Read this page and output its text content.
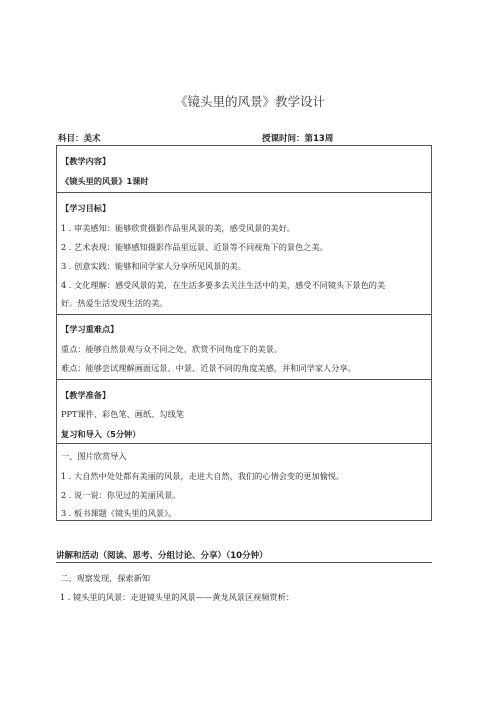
《镜头里的风景》教学设计
科目：美术	授课时间：第13周
【教学内容】
《镜头里的风景》1课时
【学习目标】
1 . 审美感知：能够欣赏摄影作品里风景的美，感受风景的美好。
2 . 艺术表现：能够感知摄影作品里远景、近景等不同视角下的景色之美。
3 . 创意实践：能够和同学家人分享所见风景的美。
4 . 文化理解：感受风景的美，在生活多要多去关注生活中的美，感受不同镜头下景色的美
好。热爱生活发现生活的美。
【学习重难点】
重点：能够自然景观与众不同之处，欣赏不同角度下的美景。
难点：能够尝试理解画面远景、中景、近景不同的角度美感，并和同学家人分享。
【教学准备】
PPT课件、彩色笔、画纸、勾线笔
复习和导入（5分钟）
一、图片欣赏导入
1 . 大自然中处处都有美丽的风景，走进大自然，我们的心情会变的更加愉悦。
2 . 说一说：你见过的美丽风景。
3 . 板书课题《镜头里的风景》。
讲解和活动（阅读、思考、分组讨论、分享）（10分钟）
二、观察发现，探索新知
1 . 镜头里的风景：走进镜头里的风景——黄龙风景区视频赏析：
